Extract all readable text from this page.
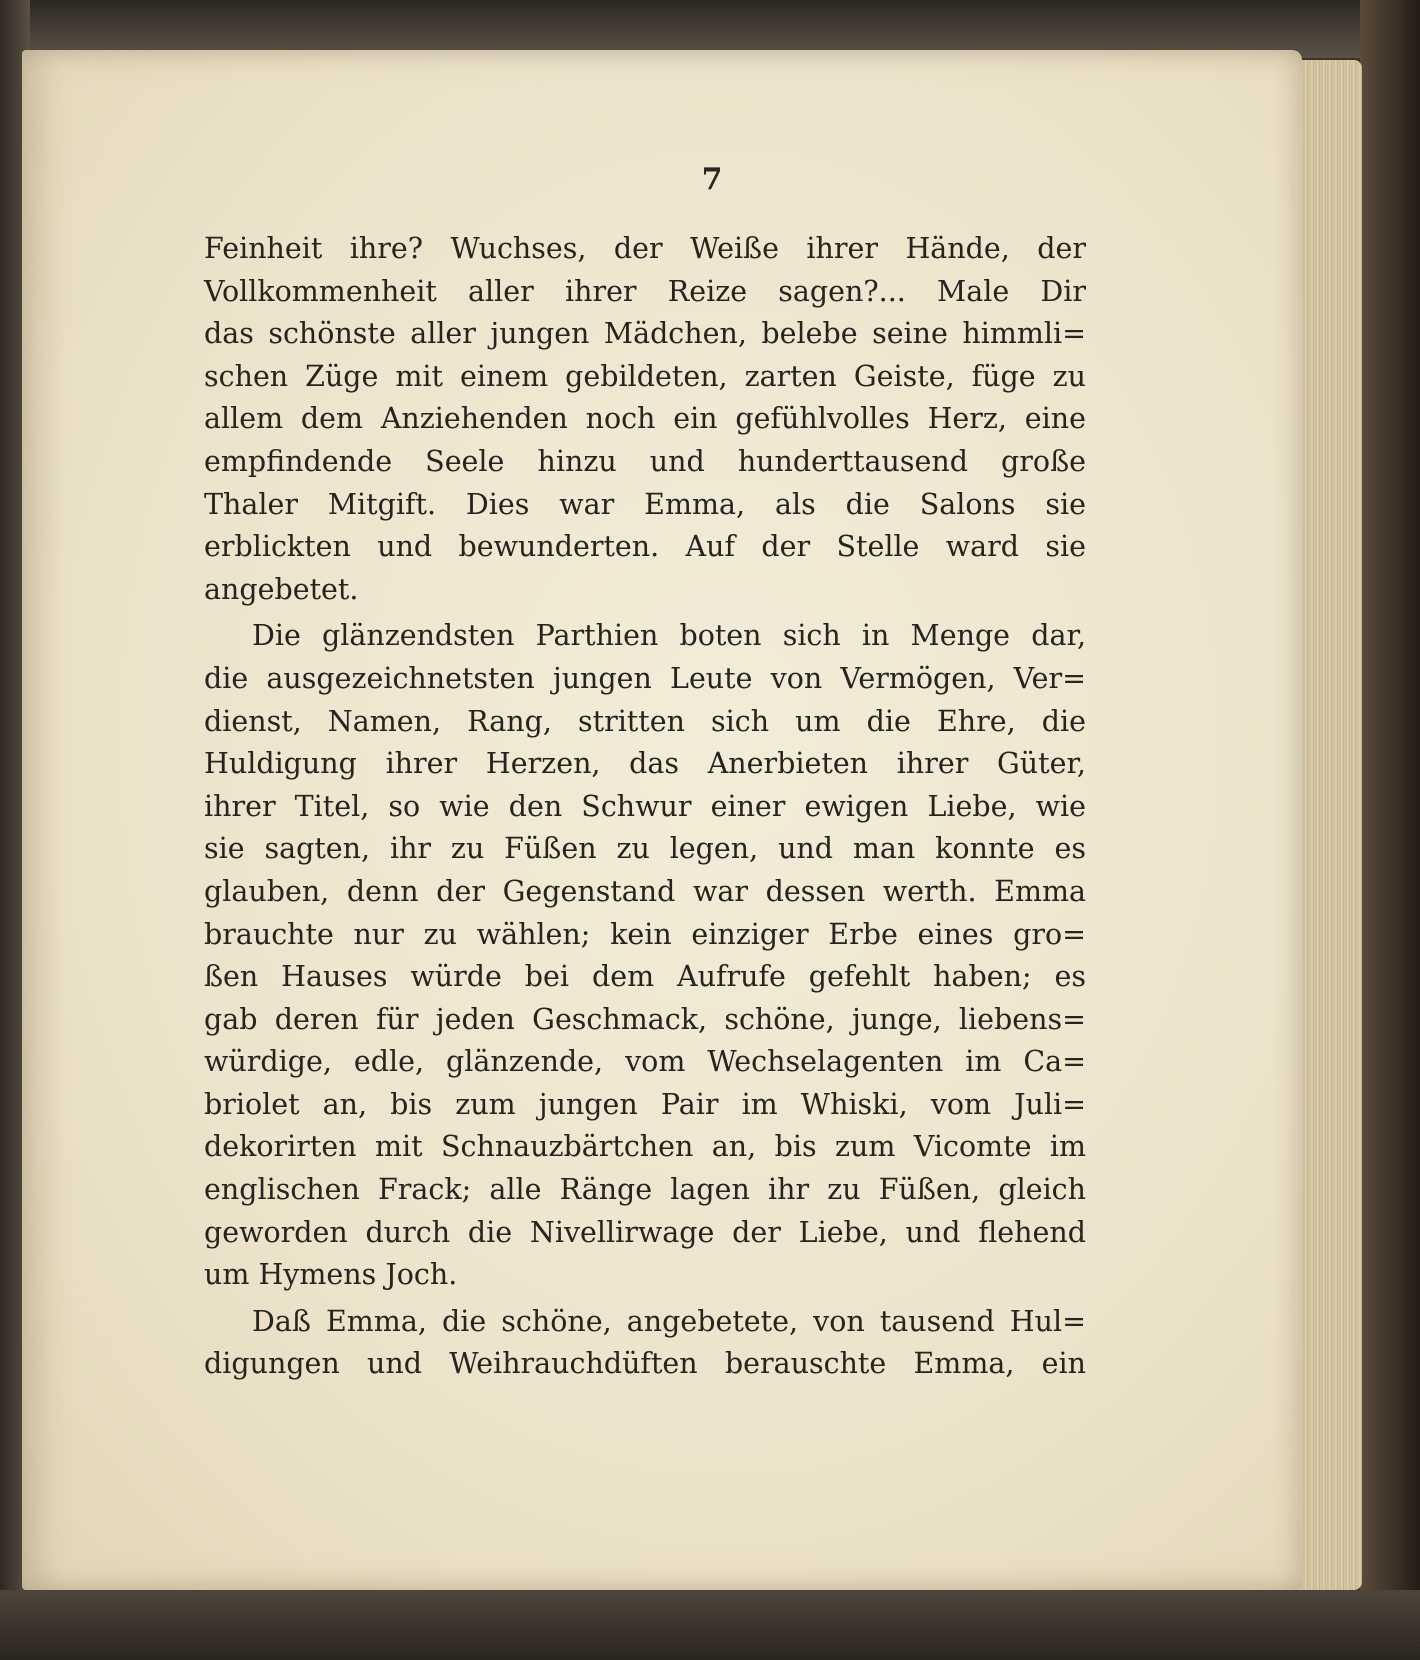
7
Feinheit ihre? Wuchses, der Weiße ihrer Hände, der
Vollkommenheit aller ihrer Reize sagen?... Male Dir
das schönste aller jungen Mädchen, belebe seine himmli=
schen Züge mit einem gebildeten, zarten Geiste, füge zu
allem dem Anziehenden noch ein gefühlvolles Herz, eine
empfindende Seele hinzu und hunderttausend große
Thaler Mitgift. Dies war Emma, als die Salons sie
erblickten und bewunderten. Auf der Stelle ward sie
angebetet.
Die glänzendsten Parthien boten sich in Menge dar,
die ausgezeichnetsten jungen Leute von Vermögen, Ver=
dienst, Namen, Rang, stritten sich um die Ehre, die
Huldigung ihrer Herzen, das Anerbieten ihrer Güter,
ihrer Titel, so wie den Schwur einer ewigen Liebe, wie
sie sagten, ihr zu Füßen zu legen, und man konnte es
glauben, denn der Gegenstand war dessen werth. Emma
brauchte nur zu wählen; kein einziger Erbe eines gro=
ßen Hauses würde bei dem Aufrufe gefehlt haben; es
gab deren für jeden Geschmack, schöne, junge, liebens=
würdige, edle, glänzende, vom Wechselagenten im Ca=
briolet an, bis zum jungen Pair im Whiski, vom Juli=
dekorirten mit Schnauzbärtchen an, bis zum Vicomte im
englischen Frack; alle Ränge lagen ihr zu Füßen, gleich
geworden durch die Nivellirwage der Liebe, und flehend
um Hymens Joch.
Daß Emma, die schöne, angebetete, von tausend Hul=
digungen und Weihrauchdüften berauschte Emma, ein
